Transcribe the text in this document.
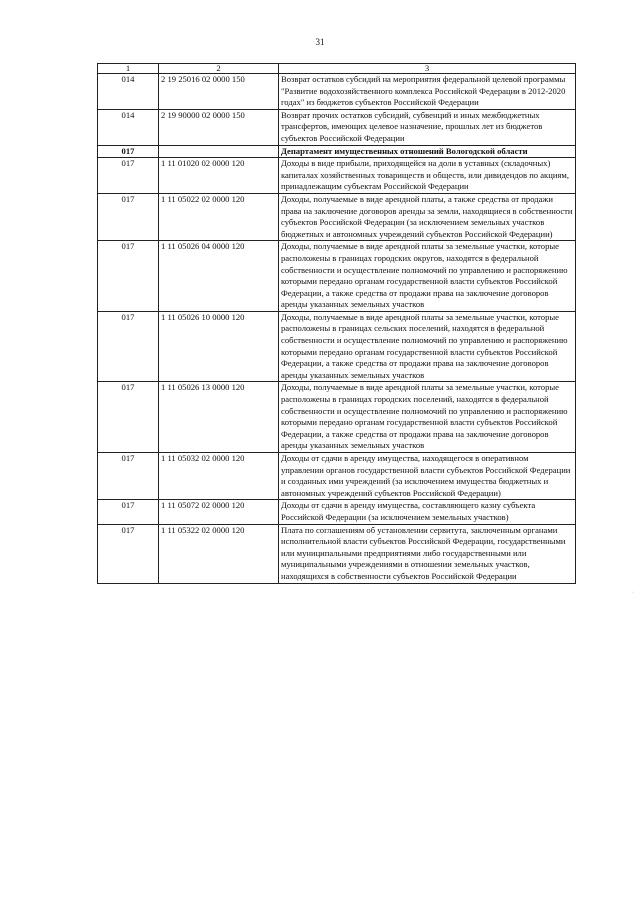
31
1	2	3
014	2 19 25016 02 0000 150	Возврат остатков субсидий на мероприятия федеральной целевой программы "Развитие водохозяйственного комплекса Российской Федерации в 2012-2020 годах" из бюджетов субъектов Российской Федерации
014	2 19 90000 02 0000 150	Возврат прочих остатков субсидий, субвенций и иных межбюджетных трансфертов, имеющих целевое назначение, прошлых лет из бюджетов субъектов Российской Федерации
017		Департамент имущественных отношений Вологодской области
017	1 11 01020 02 0000 120	Доходы в виде прибыли, приходящейся на доли в уставных (складочных) капиталах хозяйственных товариществ и обществ, или дивидендов по акциям, принадлежащим субъектам Российской Федерации
017	1 11 05022 02 0000 120	Доходы, получаемые в виде арендной платы, а также средства от продажи права на заключение договоров аренды за земли, находящиеся в собственности субъектов Российской Федерации (за исключением земельных участков бюджетных и автономных учреждений субъектов Российской Федерации)
017	1 11 05026 04 0000 120	Доходы, получаемые в виде арендной платы за земельные участки, которые расположены в границах городских округов, находятся в федеральной собственности и осуществление полномочий по управлению и распоряжению которыми передано органам государственной власти субъектов Российской Федерации, а также средства от продажи права на заключение договоров аренды указанных земельных участков
017	1 11 05026 10 0000 120	Доходы, получаемые в виде арендной платы за земельные участки, которые расположены в границах сельских поселений, находятся в федеральной собственности и осуществление полномочий по управлению и распоряжению которыми передано органам государственной власти субъектов Российской Федерации, а также средства от продажи права на заключение договоров аренды указанных земельных участков
017	1 11 05026 13 0000 120	Доходы, получаемые в виде арендной платы за земельные участки, которые расположены в границах городских поселений, находятся в федеральной собственности и осуществление полномочий по управлению и распоряжению которыми передано органам государственной власти субъектов Российской Федерации, а также средства от продажи права на заключение договоров аренды указанных земельных участков
017	1 11 05032 02 0000 120	Доходы от сдачи в аренду имущества, находящегося в оперативном управлении органов государственной власти субъектов Российской Федерации и созданных ими учреждений (за исключением имущества бюджетных и автономных учреждений субъектов Российской Федерации)
017	1 11 05072 02 0000 120	Доходы от сдачи в аренду имущества, составляющего казну субъекта Российской Федерации (за исключением земельных участков)
017	1 11 05322 02 0000 120	Плата по соглашениям об установлении сервитута, заключенным органами исполнительной власти субъектов Российской Федерации, государственными или муниципальными предприятиями либо государственными или муниципальными учреждениями в отношении земельных участков, находящихся в собственности субъектов Российской Федерации
·
